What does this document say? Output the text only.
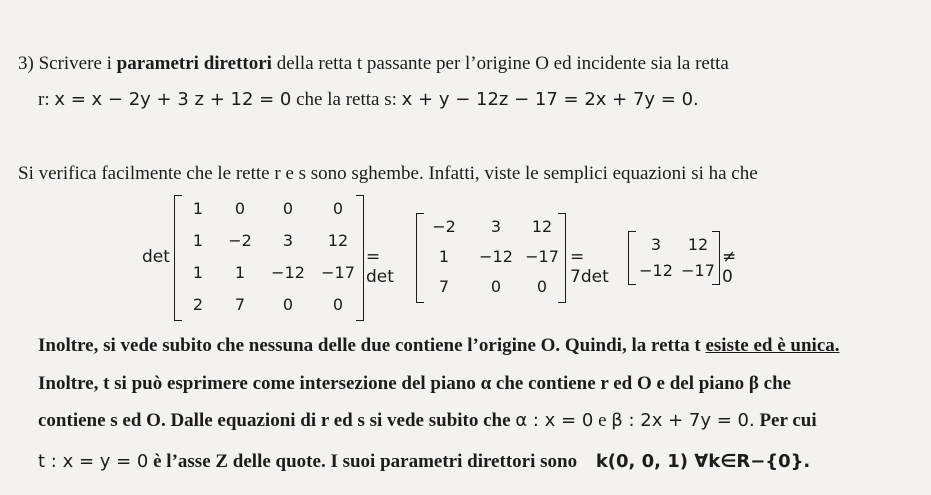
3) Scrivere i parametri direttori della retta t passante per l’origine O ed incidente sia la retta
r: x = x − 2y + 3 z + 12 = 0 che la retta s: x + y − 12z − 17 = 2x + 7y = 0.
Si verifica facilmente che le rette r e s sono sghembe. Infatti, viste le semplici equazioni si ha che
det
1 0 0 0
1 −2 3 12
1 1 −12 −17
2 7 0 0
= det
−2 3 12
1 −12 −17
7	0 0
= 7det
3 12
−12 −17
≠ 0
Inoltre, si vede subito che nessuna delle due contiene l’origine O. Quindi, la retta t esiste ed è unica.
Inoltre, t si può esprimere come intersezione del piano α che contiene r ed O e del piano β che
contiene s ed O. Dalle equazioni di r ed s si vede subito che α : x = 0 e β : 2x + 7y = 0. Per cui
t : x = y = 0 è l’asse Z delle quote. I suoi parametri direttori sono k(0, 0, 1) ∀k∈R−{0}.
